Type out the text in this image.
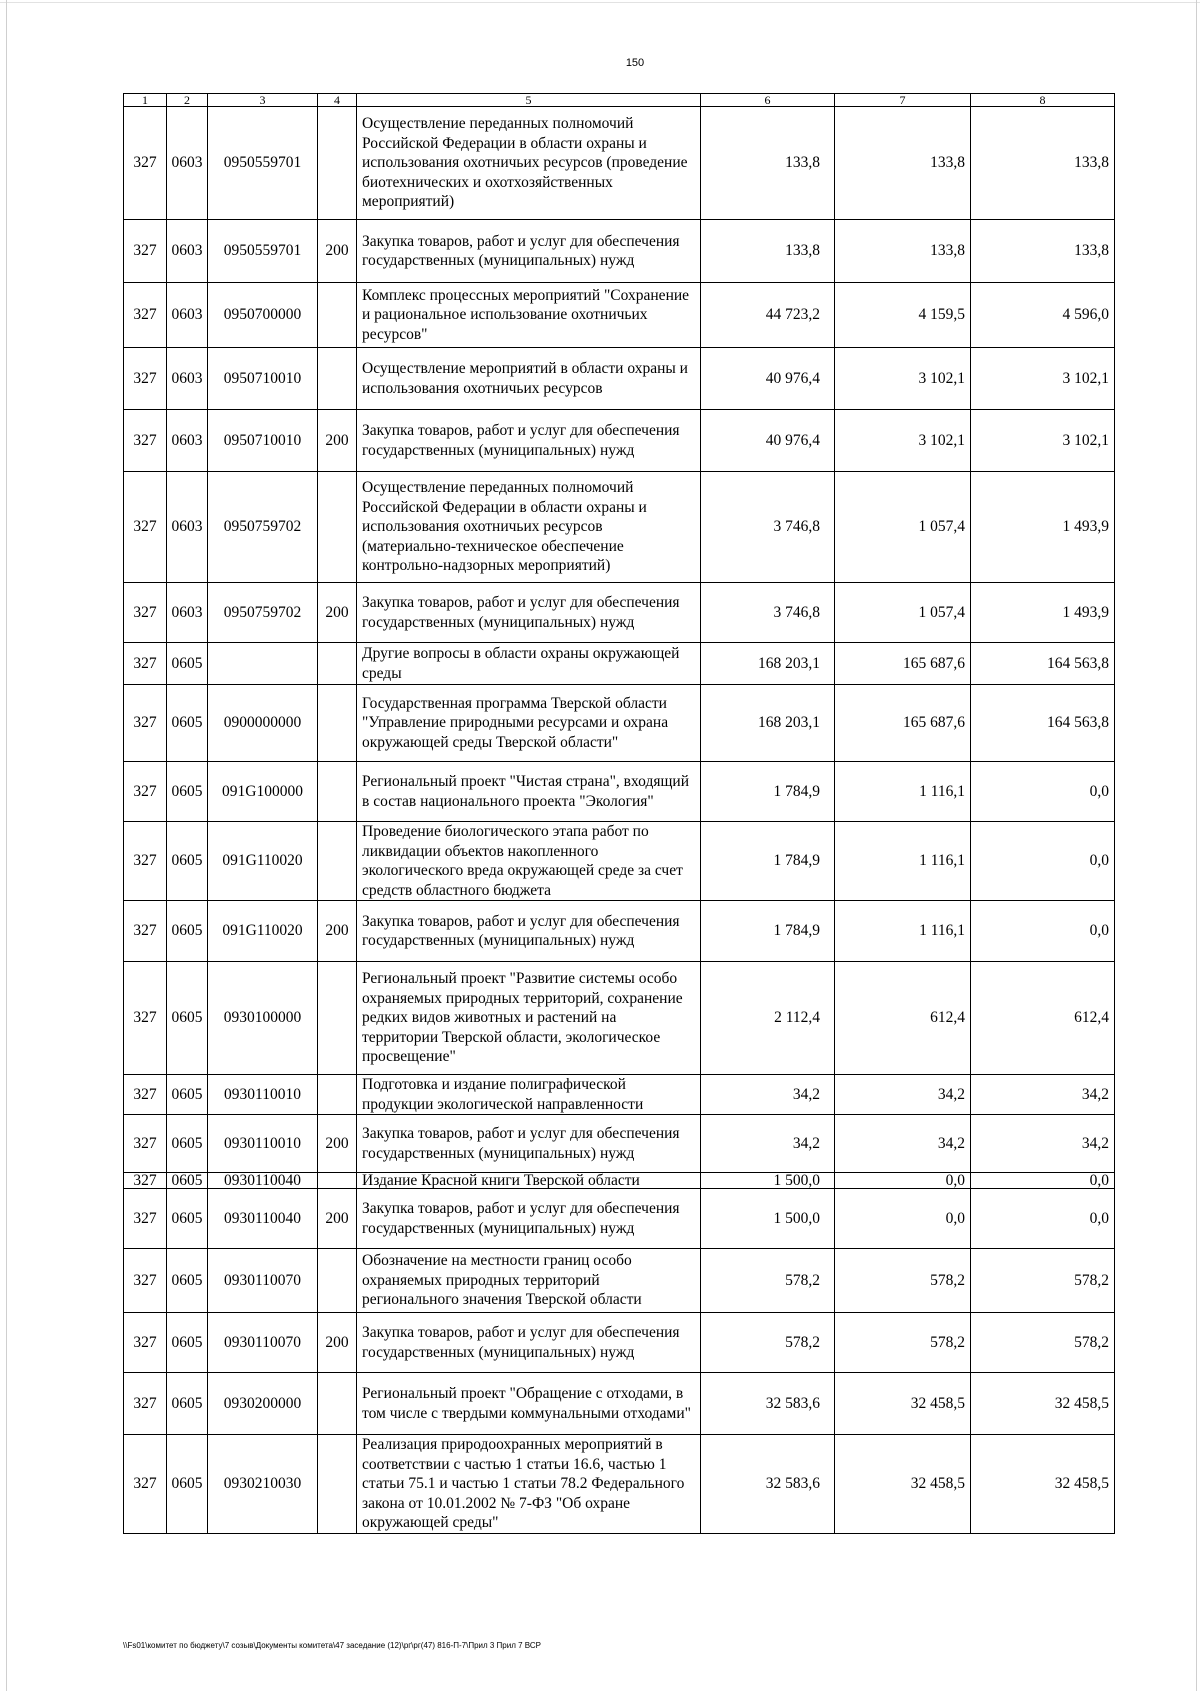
150
1	2	3	4	5	6	7	8
327	0603	0950559701		Осуществление переданных полномочий Российской Федерации в области охраны и использования охотничьих ресурсов (проведение биотехнических и охотхозяйственных мероприятий)	133,8	133,8	133,8
327	0603	0950559701	200	Закупка товаров, работ и услуг для обеспечения государственных (муниципальных) нужд	133,8	133,8	133,8
327	0603	0950700000		Комплекс процессных мероприятий "Сохранение и рациональное использование охотничьих ресурсов"	44 723,2	4 159,5	4 596,0
327	0603	0950710010		Осуществление мероприятий в области охраны и использования охотничьих ресурсов	40 976,4	3 102,1	3 102,1
327	0603	0950710010	200	Закупка товаров, работ и услуг для обеспечения государственных (муниципальных) нужд	40 976,4	3 102,1	3 102,1
327	0603	0950759702		Осуществление переданных полномочий Российской Федерации в области охраны и использования охотничьих ресурсов (материально-техническое обеспечение контрольно-надзорных мероприятий)	3 746,8	1 057,4	1 493,9
327	0603	0950759702	200	Закупка товаров, работ и услуг для обеспечения государственных (муниципальных) нужд	3 746,8	1 057,4	1 493,9
327	0605			Другие вопросы в области охраны окружающей среды	168 203,1	165 687,6	164 563,8
327	0605	0900000000		Государственная программа Тверской области "Управление природными ресурсами и охрана окружающей среды Тверской области"	168 203,1	165 687,6	164 563,8
327	0605	091G100000		Региональный проект "Чистая страна", входящий в состав национального проекта "Экология"	1 784,9	1 116,1	0,0
327	0605	091G110020		Проведение биологического этапа работ по ликвидации объектов накопленного экологического вреда окружающей среде за счет средств областного бюджета	1 784,9	1 116,1	0,0
327	0605	091G110020	200	Закупка товаров, работ и услуг для обеспечения государственных (муниципальных) нужд	1 784,9	1 116,1	0,0
327	0605	0930100000		Региональный проект "Развитие системы особо охраняемых природных территорий, сохранение редких видов животных и растений на территории Тверской области, экологическое просвещение"	2 112,4	612,4	612,4
327	0605	0930110010		Подготовка и издание полиграфической продукции экологической направленности	34,2	34,2	34,2
327	0605	0930110010	200	Закупка товаров, работ и услуг для обеспечения государственных (муниципальных) нужд	34,2	34,2	34,2
327	0605	0930110040		Издание Красной книги Тверской области	1 500,0	0,0	0,0
327	0605	0930110040	200	Закупка товаров, работ и услуг для обеспечения государственных (муниципальных) нужд	1 500,0	0,0	0,0
327	0605	0930110070		Обозначение на местности границ особо охраняемых природных территорий регионального значения Тверской области	578,2	578,2	578,2
327	0605	0930110070	200	Закупка товаров, работ и услуг для обеспечения государственных (муниципальных) нужд	578,2	578,2	578,2
327	0605	0930200000		Региональный проект "Обращение с отходами, в том числе с твердыми коммунальными отходами"	32 583,6	32 458,5	32 458,5
327	0605	0930210030		Реализация природоохранных мероприятий в соответствии с частью 1 статьи 16.6, частью 1 статьи 75.1 и частью 1 статьи 78.2 Федерального закона от 10.01.2002 № 7-ФЗ "Об охране окружающей среды"	32 583,6	32 458,5	32 458,5
\\Fs01\комитет по бюджету\7 созыв\Документы комитета\47 заседание (12)\рг\рг(47) 816-П-7\Прил 3 Прил 7 ВСР
